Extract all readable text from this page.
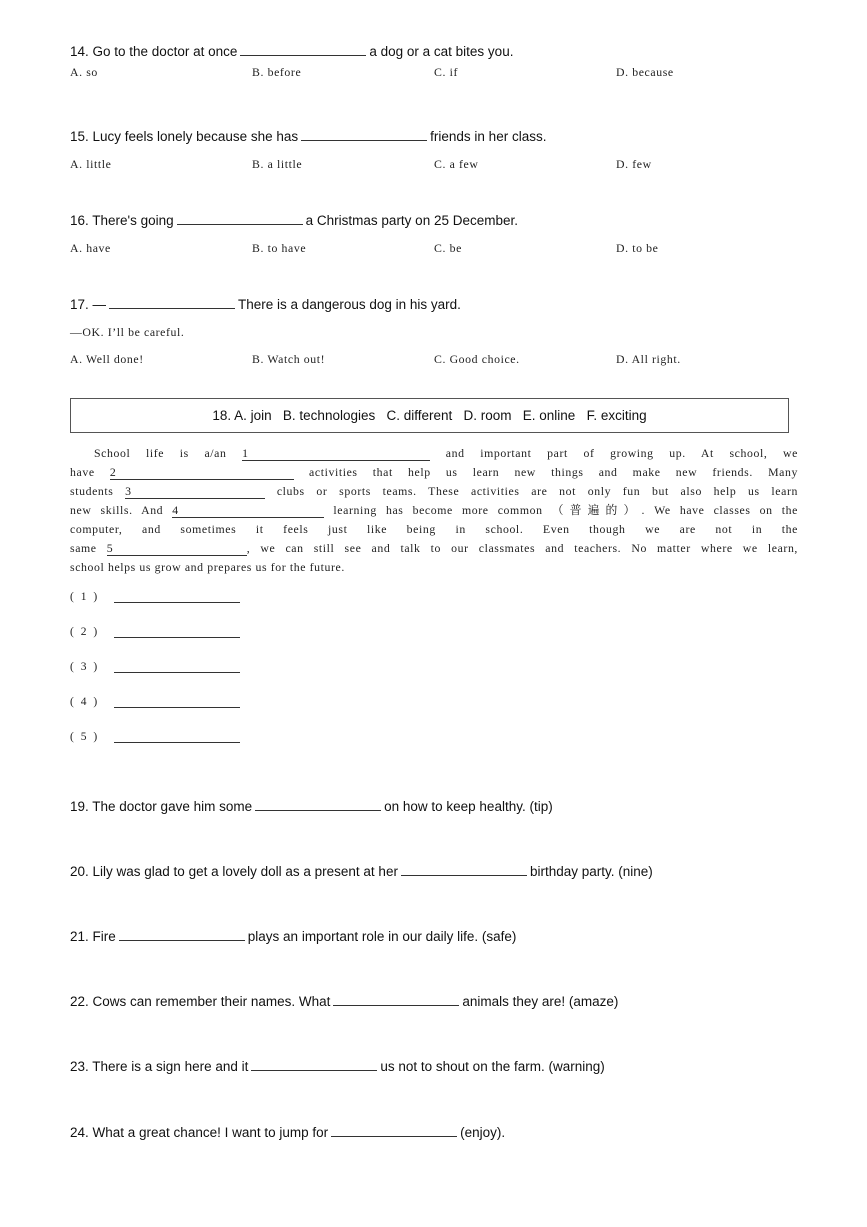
14. Go to the doctor at once	a dog or a cat bites you.
A. so	B. before	C. if	D. because
15. Lucy feels lonely because she has	friends in her class.
A. little	B. a little	C. a few	D. few
16. There's going	a Christmas party on 25 December.
A. have	B. to have	C. be	D. to be
17. —	There is a dangerous dog in his yard.
—OK. I’ll be careful.
A. Well done!	B. Watch out!	C. Good choice.	D. All right.
18. A. join   B. technologies   C. different   D. room   E. online   F. exciting
School life is a/an 1	and important part of growing up. At school, we
have 2	activities that help us learn new things and make new friends. Many
students 3	clubs or sports teams. These activities are not only fun but also help us learn
new skills. And 4	learning has become more common （普遍的）. We have classes on the
computer, and sometimes it feels just like being in school. Even though we are not in the
same 5	, we can still see and talk to our classmates and teachers. No matter where we learn,
school helps us grow and prepares us for the future.
( 1 )
( 2 )
( 3 )
( 4 )
( 5 )
19. The doctor gave him some	on how to keep healthy. (tip)
20. Lily was glad to get a lovely doll as a present at her	birthday party. (nine)
21. Fire	plays an important role in our daily life. (safe)
22. Cows can remember their names. What	animals they are! (amaze)
23. There is a sign here and it	us not to shout on the farm. (warning)
24. What a great chance! I want to jump for	(enjoy).
